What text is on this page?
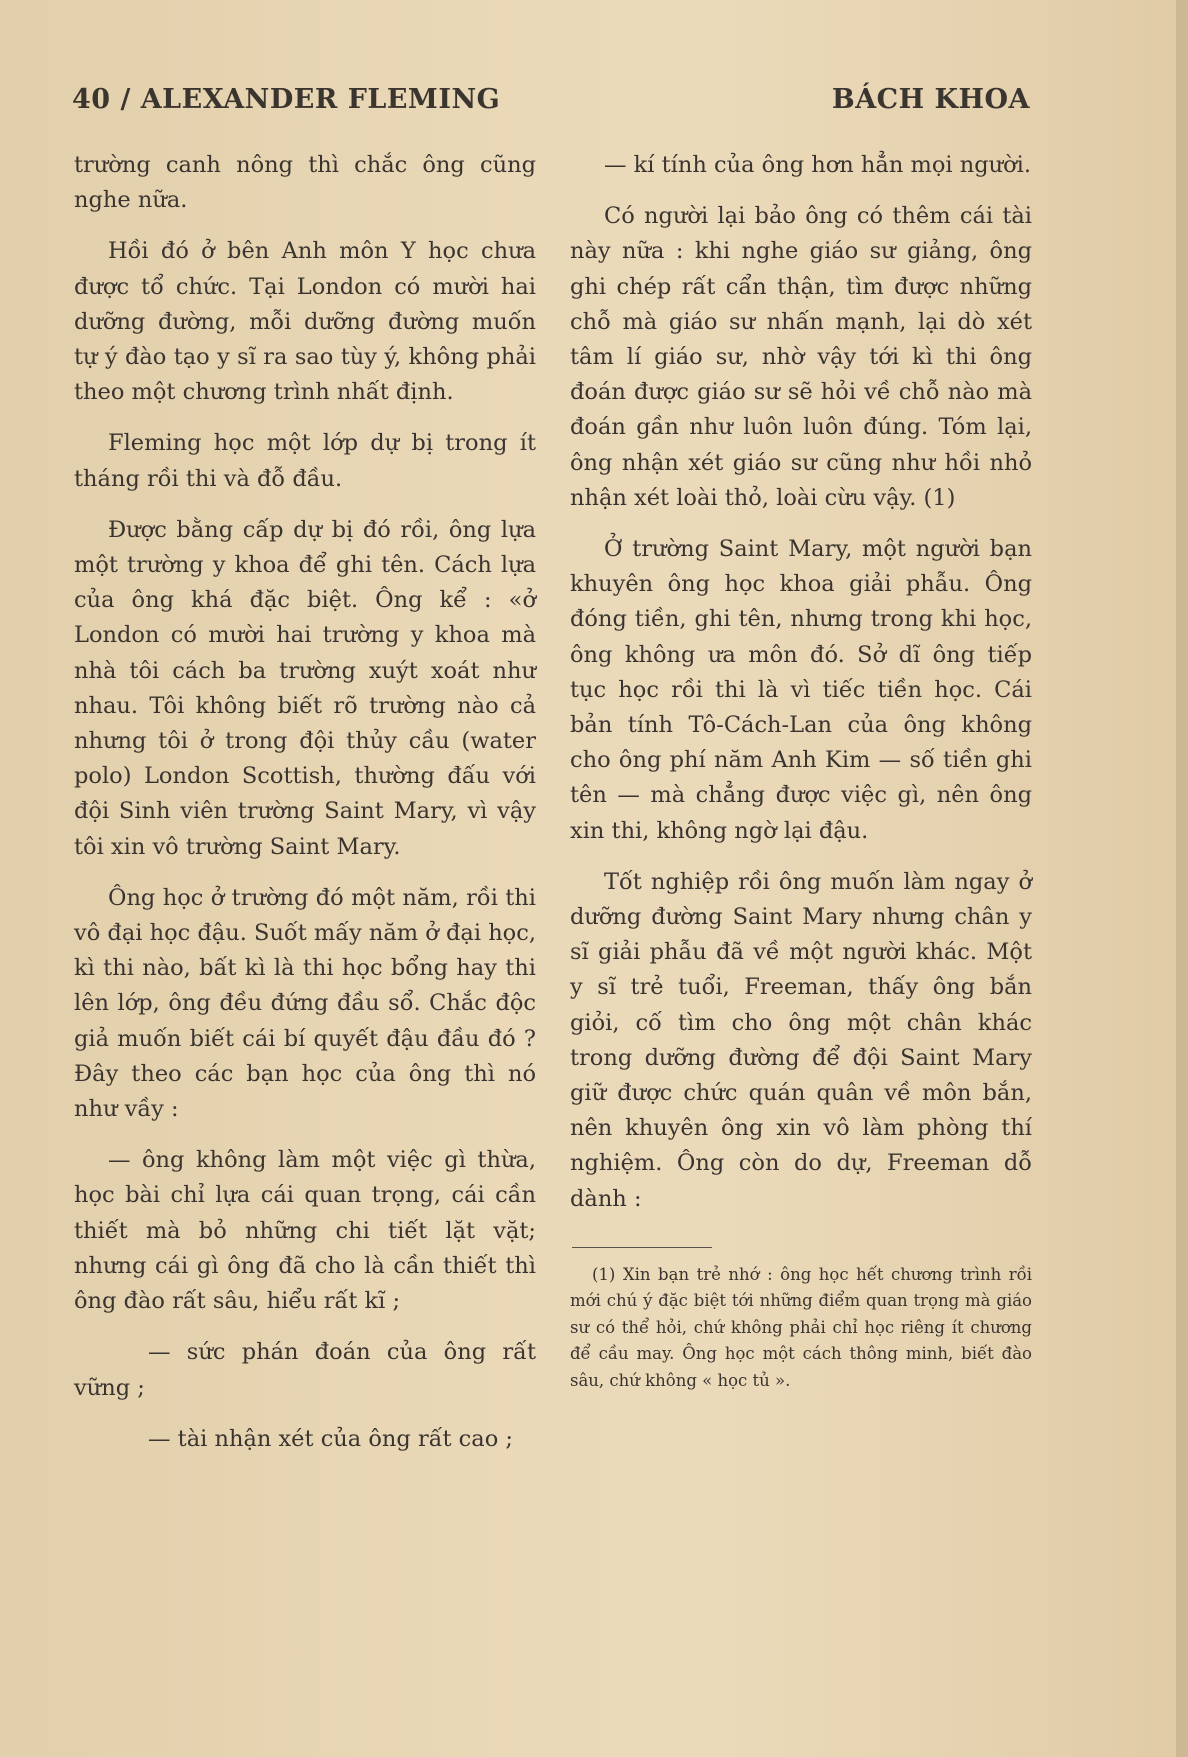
40 / ALEXANDER FLEMING	BÁCH KHOA

trường canh nông thì chắc ông cũng nghe nữa.

Hồi đó ở bên Anh môn Y học chưa được tổ chức. Tại London có mười hai dưỡng đường, mỗi dưỡng đường muốn tự ý đào tạo y sĩ ra sao tùy ý, không phải theo một chương trình nhất định.

Fleming học một lớp dự bị trong ít tháng rồi thi và đỗ đầu.

Được bằng cấp dự bị đó rồi, ông lựa một trường y khoa để ghi tên. Cách lựa của ông khá đặc biệt. Ông kể : «ở London có mười hai trường y khoa mà nhà tôi cách ba trường xuýt xoát như nhau. Tôi không biết rõ trường nào cả nhưng tôi ở trong đội thủy cầu (water polo) London Scottish, thường đấu với đội Sinh viên trường Saint Mary, vì vậy tôi xin vô trường Saint Mary.

Ông học ở trường đó một năm, rồi thi vô đại học đậu. Suốt mấy năm ở đại học, kì thi nào, bất kì là thi học bổng hay thi lên lớp, ông đều đứng đầu sổ. Chắc độc giả muốn biết cái bí quyết đậu đầu đó ? Đây theo các bạn học của ông thì nó như vầy :

— ông không làm một việc gì thừa, học bài chỉ lựa cái quan trọng, cái cần thiết mà bỏ những chi tiết lặt vặt; nhưng cái gì ông đã cho là cần thiết thì ông đào rất sâu, hiểu rất kĩ ;

— sức phán đoán của ông rất vững ;

— tài nhận xét của ông rất cao ;

— kí tính của ông hơn hẳn mọi người.

Có người lại bảo ông có thêm cái tài này nữa : khi nghe giáo sư giảng, ông ghi chép rất cẩn thận, tìm được những chỗ mà giáo sư nhấn mạnh, lại dò xét tâm lí giáo sư, nhờ vậy tới kì thi ông đoán được giáo sư sẽ hỏi về chỗ nào mà đoán gần như luôn luôn đúng. Tóm lại, ông nhận xét giáo sư cũng như hồi nhỏ nhận xét loài thỏ, loài cừu vậy. (1)

Ở trường Saint Mary, một người bạn khuyên ông học khoa giải phẫu. Ông đóng tiền, ghi tên, nhưng trong khi học, ông không ưa môn đó. Sở dĩ ông tiếp tục học rồi thi là vì tiếc tiền học. Cái bản tính Tô-Cách-Lan của ông không cho ông phí năm Anh Kim — số tiền ghi tên — mà chẳng được việc gì, nên ông xin thi, không ngờ lại đậu.

Tốt nghiệp rồi ông muốn làm ngay ở dưỡng đường Saint Mary nhưng chân y sĩ giải phẫu đã về một người khác. Một y sĩ trẻ tuổi, Freeman, thấy ông bắn giỏi, cố tìm cho ông một chân khác trong dưỡng đường để đội Saint Mary giữ được chức quán quân về môn bắn, nên khuyên ông xin vô làm phòng thí nghiệm. Ông còn do dự, Freeman dỗ dành :

(1) Xin bạn trẻ nhớ : ông học hết chương trình rồi mới chú ý đặc biệt tới những điểm quan trọng mà giáo sư có thể hỏi, chứ không phải chỉ học riêng ít chương để cầu may. Ông học một cách thông minh, biết đào sâu, chứ không « học tủ ».
